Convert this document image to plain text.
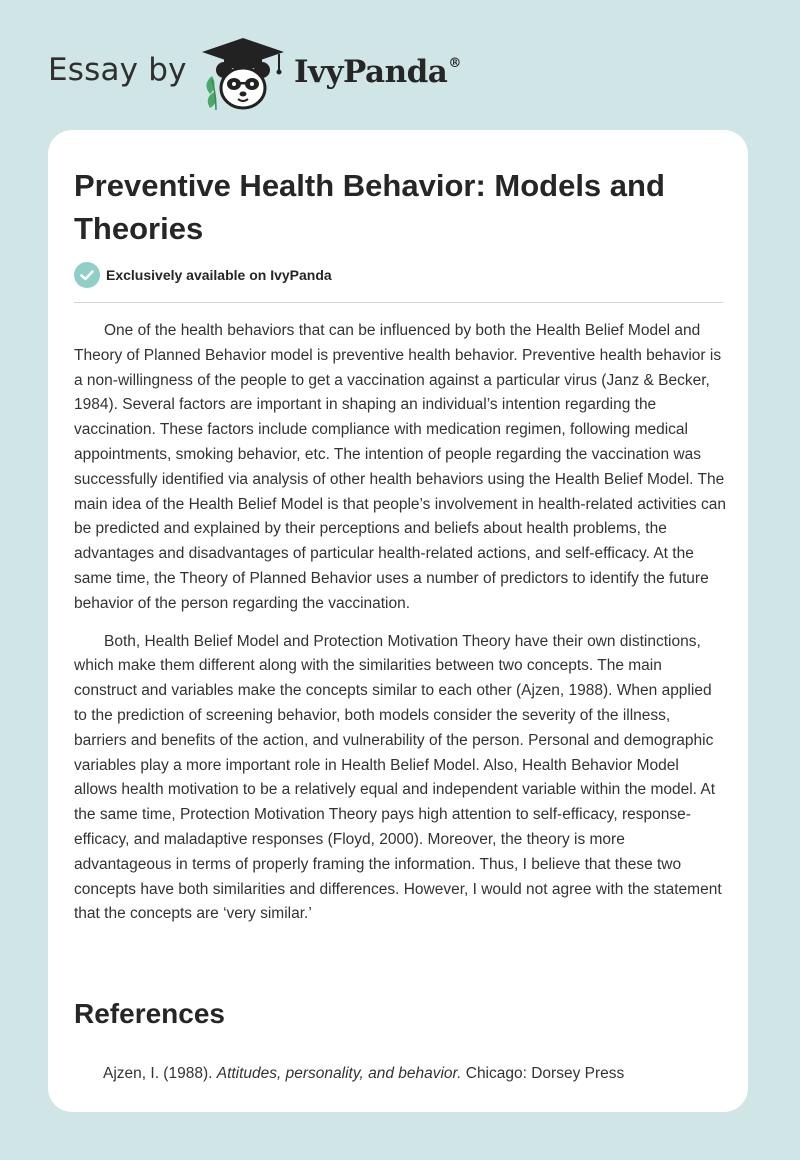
Essay by	IvyPanda®
Preventive Health Behavior: Models and Theories
Exclusively available on IvyPanda

One of the health behaviors that can be influenced by both the Health Belief Model and Theory of Planned Behavior model is preventive health behavior. Preventive health behavior is a non-willingness of the people to get a vaccination against a particular virus (Janz & Becker, 1984). Several factors are important in shaping an individual’s intention regarding the vaccination. These factors include compliance with medication regimen, following medical appointments, smoking behavior, etc. The intention of people regarding the vaccination was successfully identified via analysis of other health behaviors using the Health Belief Model. The main idea of the Health Belief Model is that people’s involvement in health-related activities can be predicted and explained by their perceptions and beliefs about health problems, the advantages and disadvantages of particular health-related actions, and self-efficacy. At the same time, the Theory of Planned Behavior uses a number of predictors to identify the future behavior of the person regarding the vaccination.

Both, Health Belief Model and Protection Motivation Theory have their own distinctions, which make them different along with the similarities between two concepts. The main construct and variables make the concepts similar to each other (Ajzen, 1988). When applied to the prediction of screening behavior, both models consider the severity of the illness, barriers and benefits of the action, and vulnerability of the person. Personal and demographic variables play a more important role in Health Belief Model. Also, Health Behavior Model allows health motivation to be a relatively equal and independent variable within the model. At the same time, Protection Motivation Theory pays high attention to self-efficacy, response-efficacy, and maladaptive responses (Floyd, 2000). Moreover, the theory is more advantageous in terms of properly framing the information. Thus, I believe that these two concepts have both similarities and differences. However, I would not agree with the statement that the concepts are ‘very similar.’

References
Ajzen, I. (1988). Attitudes, personality, and behavior. Chicago: Dorsey Press
